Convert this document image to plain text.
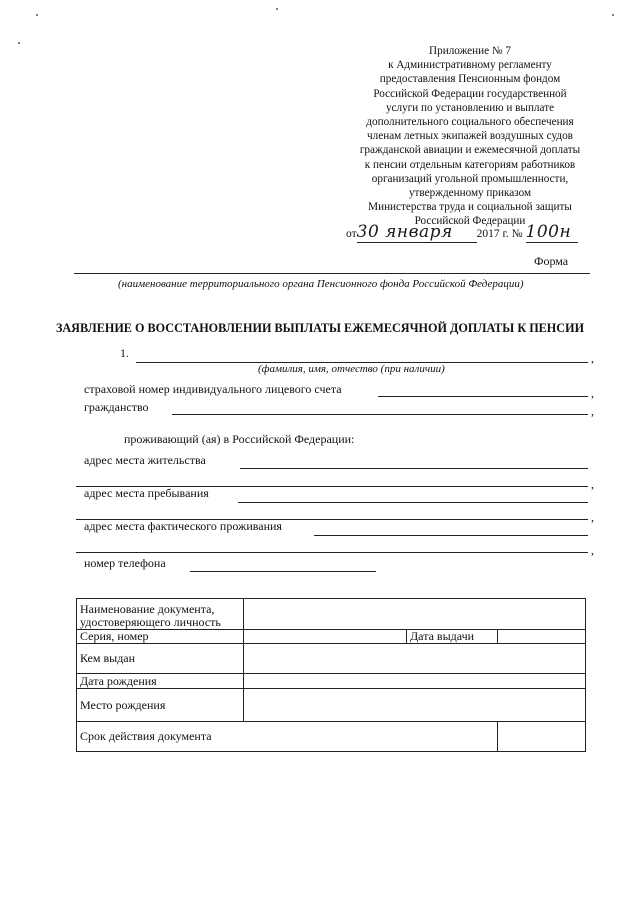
Приложение № 7
к Административному регламенту
предоставления Пенсионным фондом
Российской Федерации государственной
услуги по установлению и выплате
дополнительного социального обеспечения
членам летных экипажей воздушных судов
гражданской авиации и ежемесячной доплаты
к пенсии отдельным категориям работников
организаций угольной промышленности,
утвержденному приказом
Министерства труда и социальной защиты
Российской Федерации
от30 января 2017 г. № 100н
Форма
(наименование территориального органа Пенсионного фонда Российской Федерации)
ЗАЯВЛЕНИЕ О ВОССТАНОВЛЕНИИ ВЫПЛАТЫ ЕЖЕМЕСЯЧНОЙ ДОПЛАТЫ К ПЕНСИИ
1.	,
(фамилия, имя, отчество (при наличии)
страховой номер индивидуального лицевого счета	,
гражданство	,
проживающий (ая) в Российской Федерации:
адрес места жительства
,
адрес места пребывания
,
адрес места фактического проживания
,
номер телефона
Наименование документа,
удостоверяющего личность			

Серия, номер		Дата выдачи	
Кем выдан			
Дата рождения			
Место рождения			
Срок действия документа			
